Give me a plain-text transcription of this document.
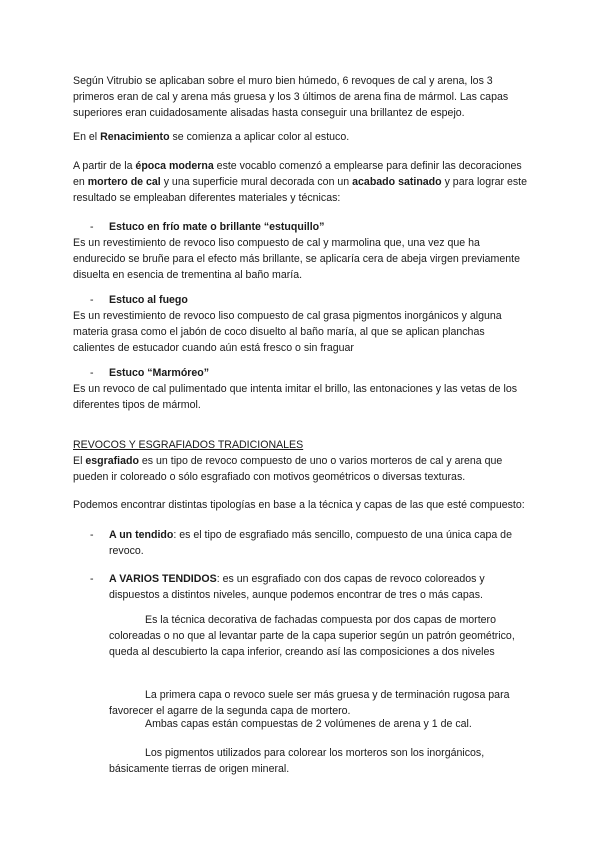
Según Vitrubio se aplicaban sobre el muro bien húmedo, 6 revoques de cal y arena, los 3 primeros eran de cal y arena más gruesa y los 3 últimos de arena fina de mármol. Las capas superiores eran cuidadosamente alisadas hasta conseguir una brillantez de espejo.

En el Renacimiento se comienza a aplicar color al estuco.

A partir de la época moderna este vocablo comenzó a emplearse para definir las decoraciones en mortero de cal y una superficie mural decorada con un acabado satinado y para lograr este resultado se empleaban diferentes materiales y técnicas:

- Estuco en frío mate o brillante “estuquillo”

Es un revestimiento de revoco liso compuesto de cal y marmolina que, una vez que ha endurecido se bruñe para el efecto más brillante, se aplicaría cera de abeja virgen previamente disuelta en esencia de trementina al baño maría.

- Estuco al fuego

Es un revestimiento de revoco liso compuesto de cal grasa pigmentos inorgánicos y alguna materia grasa como el jabón de coco disuelto al baño maría, al que se aplican planchas calientes de estucador cuando aún está fresco o sin fraguar

- Estuco “Marmóreo”

Es un revoco de cal pulimentado que intenta imitar el brillo, las entonaciones y las vetas de los diferentes tipos de mármol.

REVOCOS Y ESGRAFIADOS TRADICIONALES

El esgrafiado es un tipo de revoco compuesto de uno o varios morteros de cal y arena que pueden ir coloreado o sólo esgrafiado con motivos geométricos o diversas texturas.

Podemos encontrar distintas tipologías en base a la técnica y capas de las que esté compuesto:

- A un tendido: es el tipo de esgrafiado más sencillo, compuesto de una única capa de revoco.

- A VARIOS TENDIDOS: es un esgrafiado con dos capas de revoco coloreados y dispuestos a distintos niveles, aunque podemos encontrar de tres o más capas.

Es la técnica decorativa de fachadas compuesta por dos capas de mortero coloreadas o no que al levantar parte de la capa superior según un patrón geométrico, queda al descubierto la capa inferior, creando así las composiciones a dos niveles

La primera capa o revoco suele ser más gruesa y de terminación rugosa para favorecer el agarre de la segunda capa de mortero.

Ambas capas están compuestas de 2 volúmenes de arena y 1 de cal.

Los pigmentos utilizados para colorear los morteros son los inorgánicos, básicamente tierras de origen mineral.
